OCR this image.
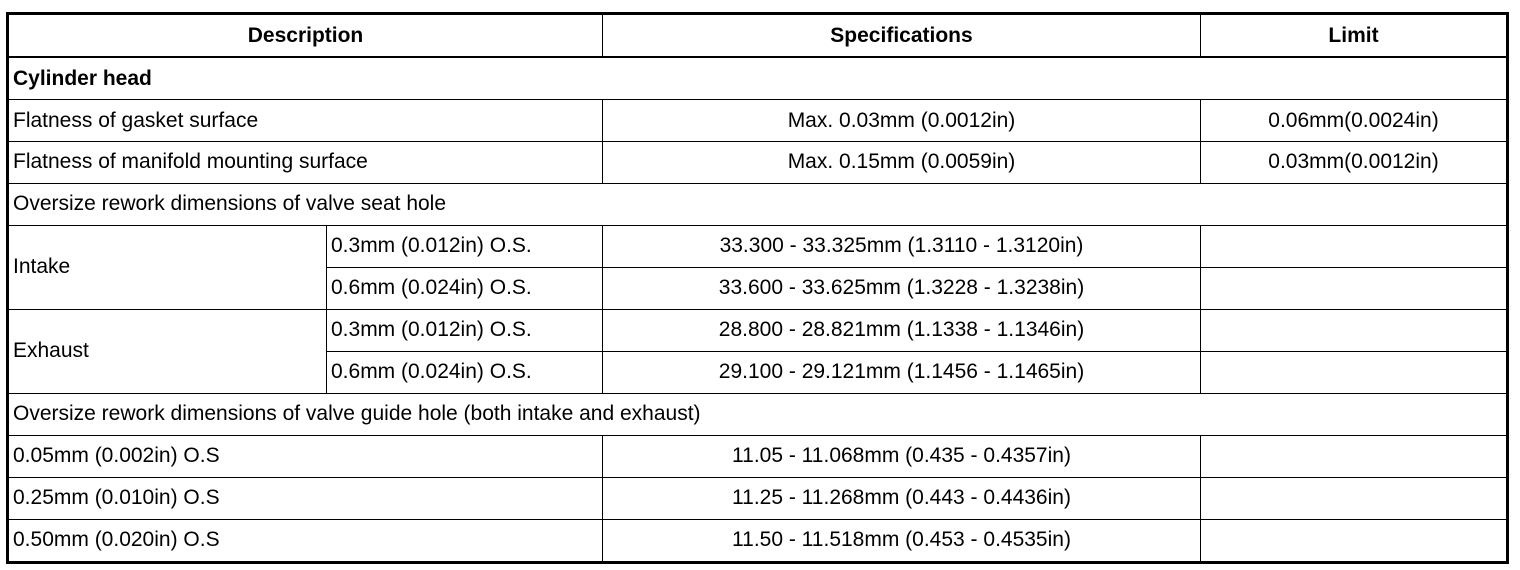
Description		Specifications	Limit
Cylinder head			
Flatness of gasket surface		Max. 0.03mm (0.0012in)	0.06mm(0.0024in)
Flatness of manifold mounting surface		Max. 0.15mm (0.0059in)	0.03mm(0.0012in)
Oversize rework dimensions of valve seat hole			
Intake	0.3mm (0.012in) O.S.	33.300 - 33.325mm (1.3110 - 1.3120in)	
	0.6mm (0.024in) O.S.	33.600 - 33.625mm (1.3228 - 1.3238in)	
Exhaust	0.3mm (0.012in) O.S.	28.800 - 28.821mm (1.1338 - 1.1346in)	
	0.6mm (0.024in) O.S.	29.100 - 29.121mm (1.1456 - 1.1465in)	
Oversize rework dimensions of valve guide hole (both intake and exhaust)			
0.05mm (0.002in) O.S		11.05 - 11.068mm (0.435 - 0.4357in)	
0.25mm (0.010in) O.S		11.25 - 11.268mm (0.443 - 0.4436in)	
0.50mm (0.020in) O.S		11.50 - 11.518mm (0.453 - 0.4535in)	
